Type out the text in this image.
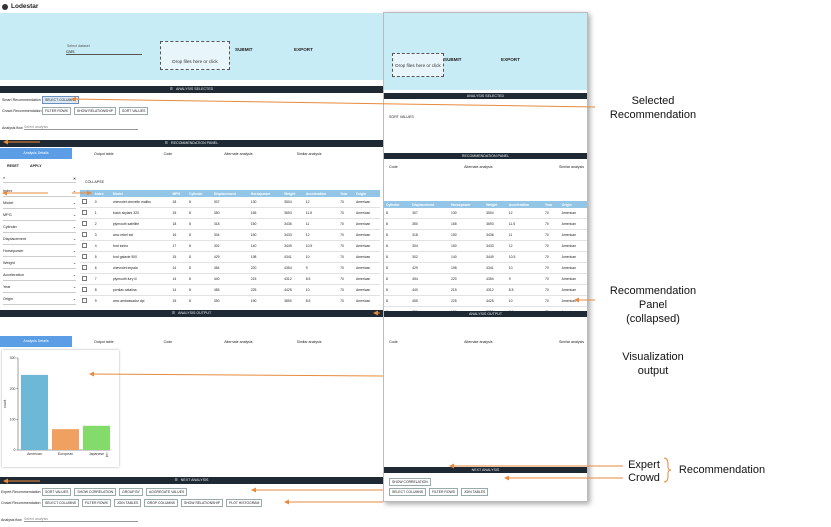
Drop files here or click
SUBMIT	EXPORT
ANALYSIS SELECTED
SORT VALUES
RECOMMENDATION PANEL
Code	Alternate analysis	Similar analysis
Cylinder	Displacement	Horsepower	Weight	Acceleration	Year	Origin
8	307	130	3504	12	70	American
8	350	165	3693	11.5	70	American
8	318	150	3436	11	70	American
8	304	150	3433	12	70	American
8	302	140	3449	10.5	70	American
8	429	198	4341	10	70	American
8	454	220	4354	9	70	American
8	440	215	4312	8.5	70	American
8	455	225	4425	10	70	American

ANALYSIS OUTPUT
Code	Alternate analysis	Similar analysis
NEXT ANALYSIS
SHOW CORRELATION
SELECT COLUMNS	FILTER ROWS	JOIN TABLES
Lodestar
Select dataset
cars
Drop files here or click
SUBMIT	EXPORT
☰ ANALYSIS SELECTED
Smart Recommendation	SELECT COLUMNS
Crowd Recommendation	FILTER ROWS	SHOW RELATIONSHIP	SORT VALUES
Analysis flow Select analysis
☰ RECOMMENDATION PANEL
Analysis Details	Output table	Code	Alternate analysis	Similar analysis
RESET	APPLY
⌕	✕
Index	⌄
Model	⌄
MPG	⌄
Cylinder	⌄
Displacement	⌄
Horsepower	⌄
Weight	⌄
Acceleration	⌄
Year	⌄
Origin	⌄
COLLAPSE
	Index	Model	MPG	Cylinder	Displacement	Horsepower	Weight	Acceleration	Year	Origin
	0	chevrolet chevelle malibu	18	8	307	130	3504	12	70	American
	1	buick skylark 320	15	8	350	165	3693	11.5	70	American
	2	plymouth satellite	18	8	318	150	3436	11	70	American
	3	amc rebel sst	16	8	304	150	3433	12	70	American
	4	ford torino	17	8	302	140	3449	10.5	70	American
	5	ford galaxie 500	15	8	429	198	4341	10	70	American
	6	chevrolet impala	14	8	454	220	4354	9	70	American
	7	plymouth fury iii	14	8	440	215	4312	8.5	70	American
	8	pontiac catalina	14	8	455	225	4425	10	70	American
	9	amc ambassador dpl	15	8	390	190	3850	8.5	70	American
☰ ANALYSIS OUTPUT
Analysis Details	Output table	Code	Alternate analysis	Similar analysis
0
100
200
300
count
American	European	Japanese ⤓
☰ NEXT ANALYSIS
Expert Recommendation	SORT VALUES	SHOW CORRELATION	GROUP BY	AGGREGATE VALUES
Crowd Recommendation	SELECT COLUMNS	FILTER ROWS	JOIN TABLES	DROP COLUMNS	SHOW RELATIONSHIP	PLOT HISTOGRAM
Analysis flow Select analysis
Selected
Recommendation
Recommendation
Panel
(collapsed)
Visualization
output
Expert
Crowd
Recommendation
